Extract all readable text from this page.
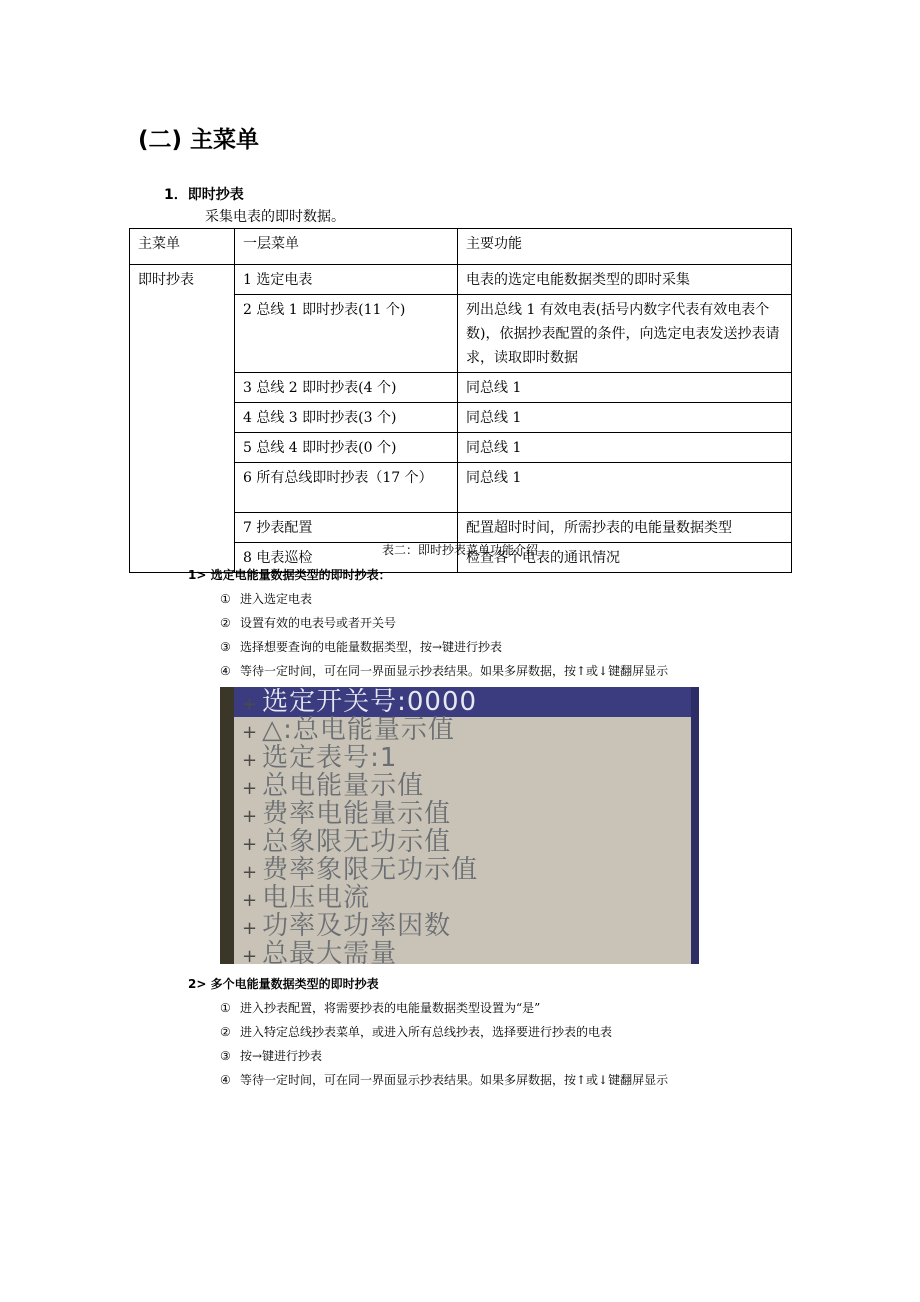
(二) 主菜单
1．即时抄表
采集电表的即时数据。
主菜单	一层菜单	主要功能
即时抄表	1 选定电表	电表的选定电能数据类型的即时采集
	2 总线 1 即时抄表(11 个)	列出总线 1 有效电表(括号内数字代表有效电表个数)，依据抄表配置的条件，向选定电表发送抄表请求，读取即时数据
	3 总线 2 即时抄表(4 个)	同总线 1
	4 总线 3 即时抄表(3 个)	同总线 1
	5 总线 4 即时抄表(0 个)	同总线 1
	6 所有总线即时抄表（17 个）	同总线 1
	7 抄表配置	配置超时时间，所需抄表的电能量数据类型
	8 电表巡检	检查各个电表的通讯情况
表二：即时抄表菜单功能介绍
1> 选定电能量数据类型的即时抄表：
① 进入选定电表
② 设置有效的电表号或者开关号
③ 选择想要查询的电能量数据类型，按→键进行抄表
④ 等待一定时间，可在同一界面显示抄表结果。如果多屏数据，按↑或↓键翻屏显示
+ 选定开关号:0000
+ △:总电能量示值
+ 选定表号:1
+ 总电能量示值
+ 费率电能量示值
+ 总象限无功示值
+ 费率象限无功示值
+ 电压电流
+ 功率及功率因数
+ 总最大需量
2> 多个电能量数据类型的即时抄表
① 进入抄表配置，将需要抄表的电能量数据类型设置为“是”
② 进入特定总线抄表菜单，或进入所有总线抄表，选择要进行抄表的电表
③ 按→键进行抄表
④ 等待一定时间，可在同一界面显示抄表结果。如果多屏数据，按↑或↓键翻屏显示
